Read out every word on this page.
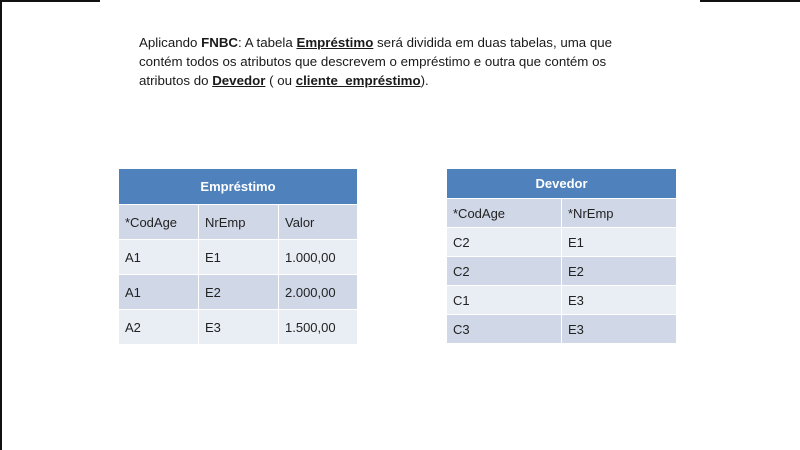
Aplicando FNBC: A tabela Empréstimo será dividida em duas tabelas, uma que contém todos os atributos que descrevem o empréstimo e outra que contém os atributos do Devedor ( ou cliente_empréstimo).
Empréstimo		
*CodAge	NrEmp	Valor
A1	E1	1.000,00
A1	E2	2.000,00
A2	E3	1.500,00
Devedor	
*CodAge	*NrEmp
C2	E1
C2	E2
C1	E3
C3	E3
